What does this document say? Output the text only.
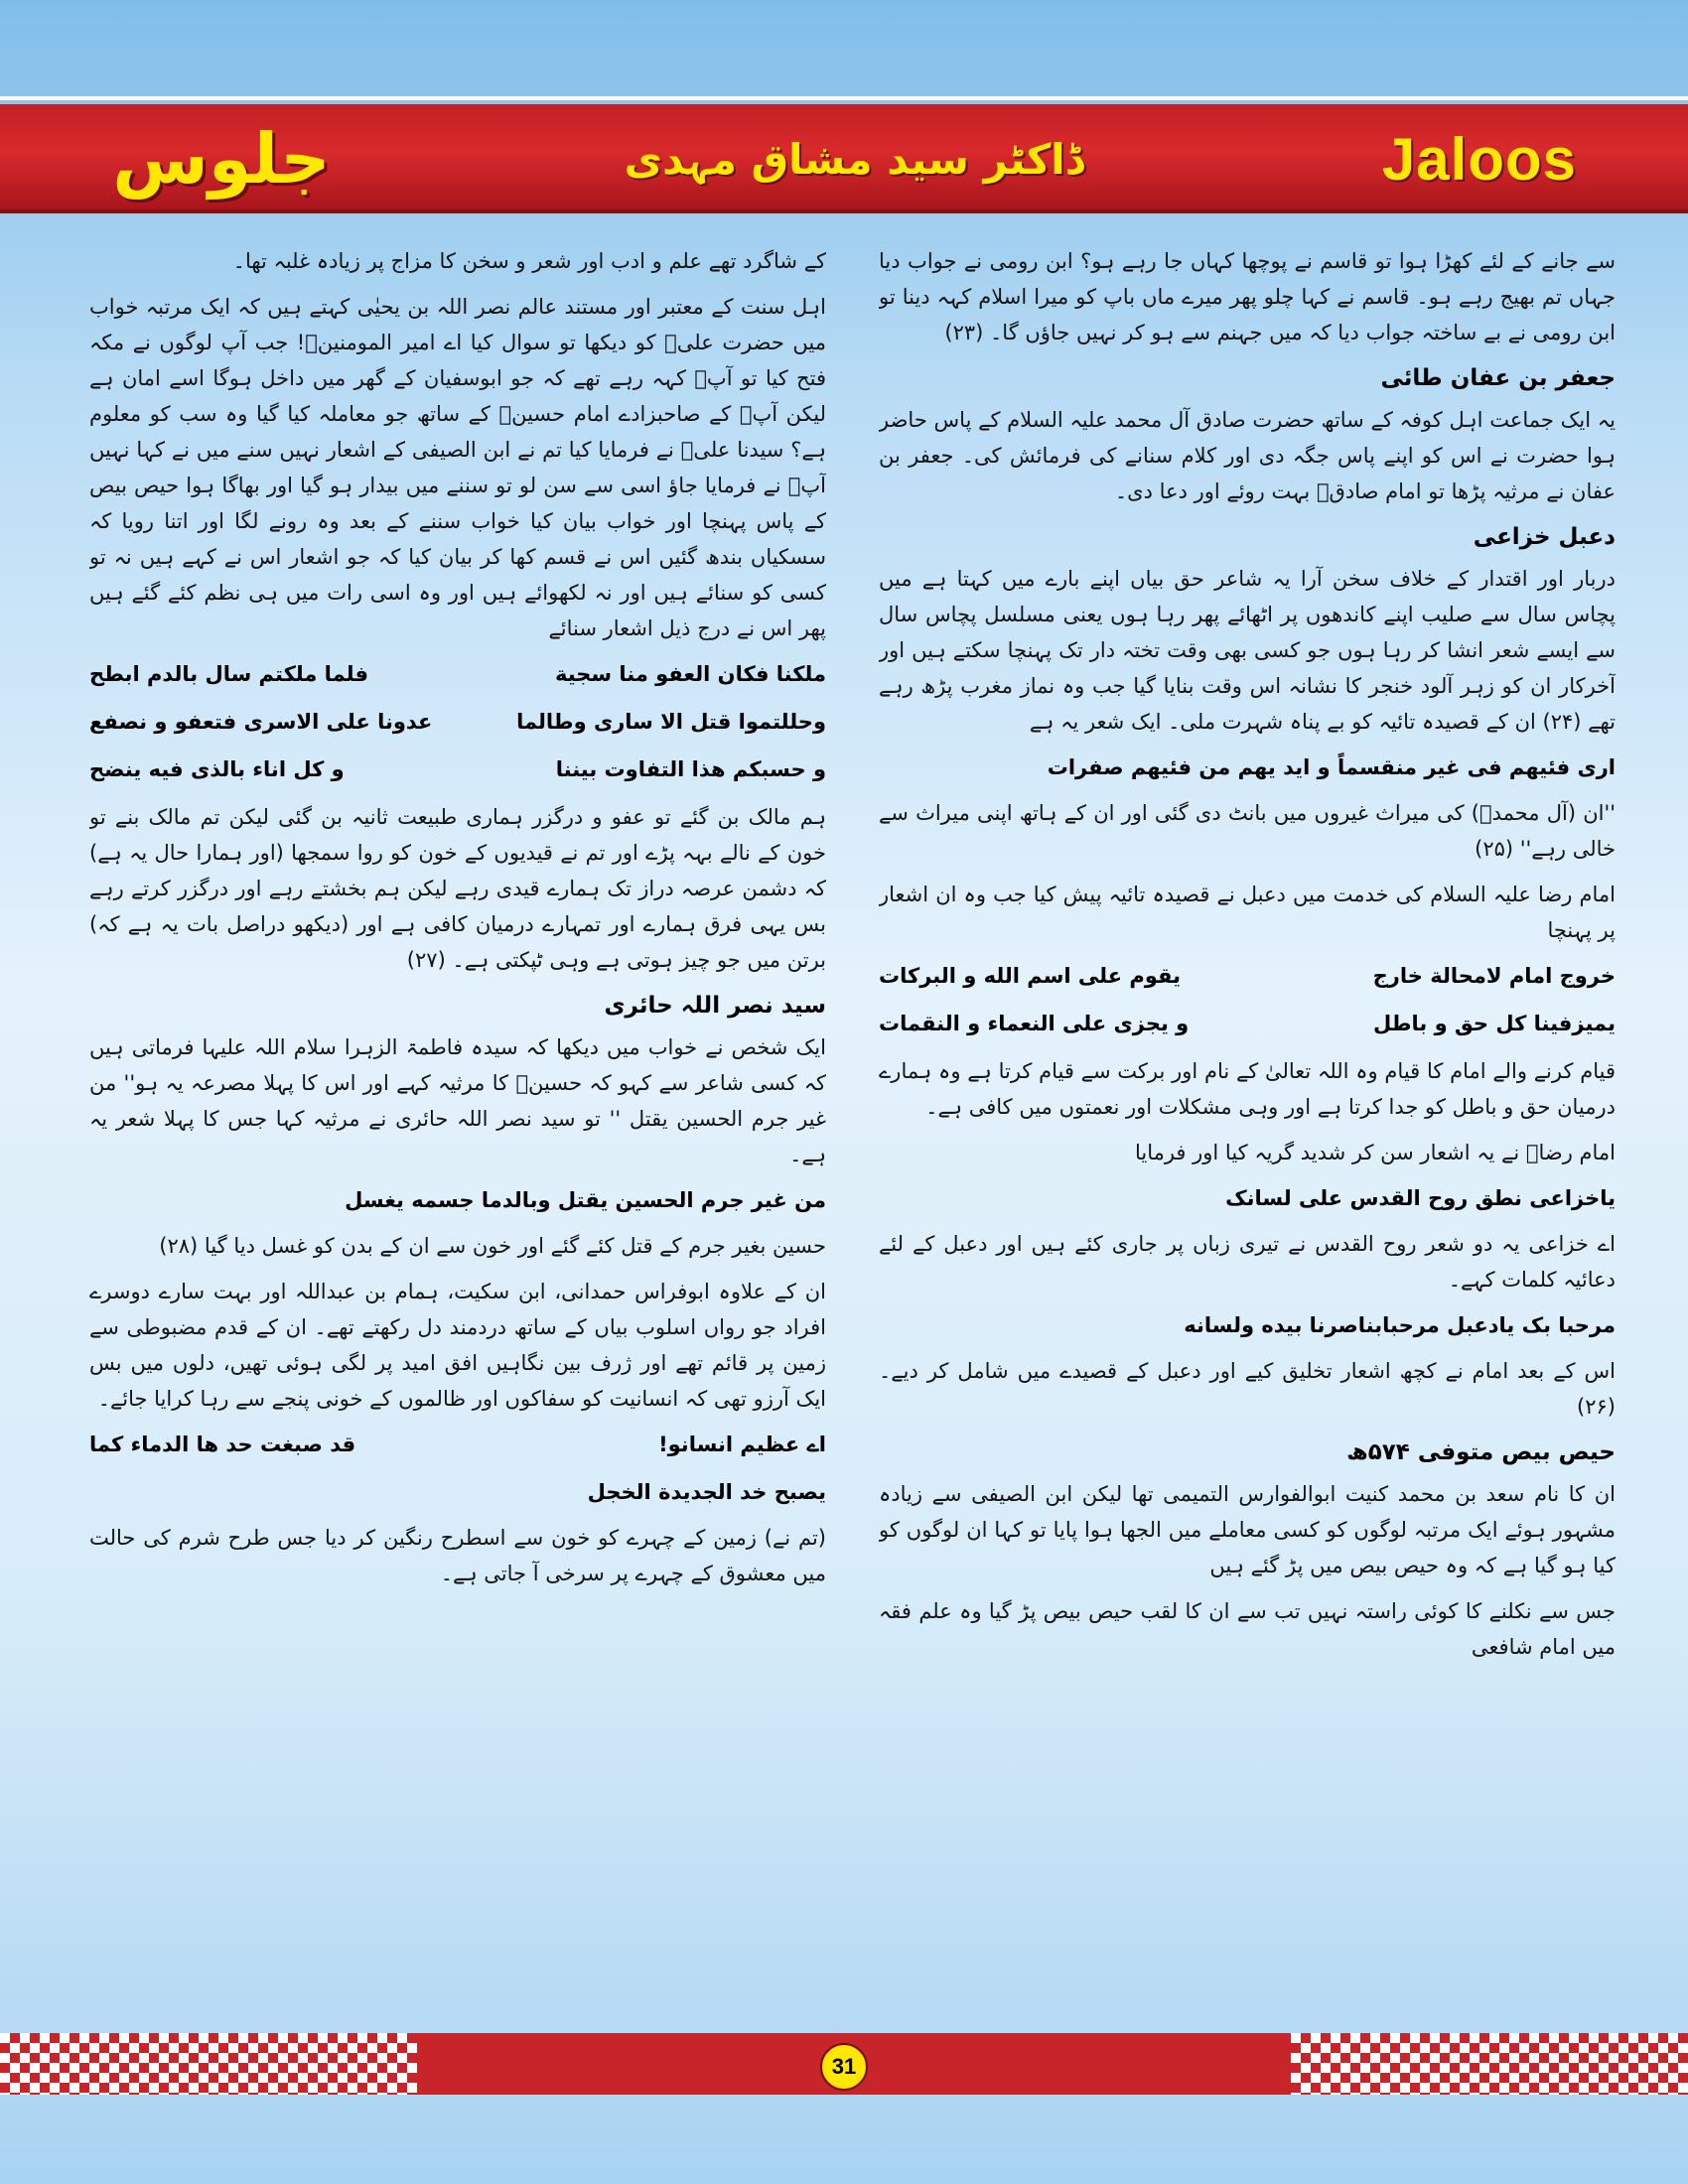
جلوس	ڈاکٹر سید مشاق مہدی	Jaloos

سے جانے کے لئے کھڑا ہوا تو قاسم نے پوچھا کہاں جا رہے ہو؟ ابن رومی نے جواب دیا جہاں تم بھیج رہے ہو۔ قاسم نے کہا چلو پھر میرے ماں باپ کو میرا اسلام کہہ دینا تو ابن رومی نے بے ساختہ جواب دیا کہ میں جہنم سے ہو کر نہیں جاؤں گا۔ (۲۳)

جعفر بن عفان طائی

یہ ایک جماعت اہل کوفہ کے ساتھ حضرت صادق آل محمد علیہ السلام کے پاس حاضر ہوا حضرت نے اس کو اپنے پاس جگہ دی اور کلام سنانے کی فرمائش کی۔ جعفر بن عفان نے مرثیہ پڑھا تو امام صادقؑ بہت روئے اور دعا دی۔

دعبل خزاعی

دربار اور اقتدار کے خلاف سخن آرا یہ شاعر حق بیاں اپنے بارے میں کہتا ہے میں پچاس سال سے صلیب اپنے کاندھوں پر اٹھائے پھر رہا ہوں یعنی مسلسل پچاس سال سے ایسے شعر انشا کر رہا ہوں جو کسی بھی وقت تختہ دار تک پہنچا سکتے ہیں اور آخرکار ان کو زہر آلود خنجر کا نشانہ اس وقت بنایا گیا جب وہ نماز مغرب پڑھ رہے تھے (۲۴) ان کے قصیدہ تائیہ کو بے پناہ شہرت ملی۔ ایک شعر یہ ہے

اری فئیھم فی غیر منقسماً و اید یھم من فئیھم صفرات

''ان (آل محمدؐ) کی میراث غیروں میں بانٹ دی گئی اور ان کے ہاتھ اپنی میراث سے خالی رہے'' (۲۵)

امام رضا علیہ السلام کی خدمت میں دعبل نے قصیدہ تائیہ پیش کیا جب وہ ان اشعار پر پہنچا

خروج امام لامحالة خارج
یقوم علی اسم الله و البرکات
یمیزفینا کل حق و باطل
و یجزی علی النعماء و النقمات

قیام کرنے والے امام کا قیام وہ اللہ تعالیٰ کے نام اور برکت سے قیام کرتا ہے وہ ہمارے درمیان حق و باطل کو جدا کرتا ہے اور وہی مشکلات اور نعمتوں میں کافی ہے۔

امام رضاؑ نے یہ اشعار سن کر شدید گریہ کیا اور فرمایا

یاخزاعی نطق روح القدس علی لسانک

اے خزاعی یہ دو شعر روح القدس نے تیری زباں پر جاری کئے ہیں اور دعبل کے لئے دعائیہ کلمات کہے۔

مرحبا بک یادعبل مرحبابناصرنا بیده ولسانه

اس کے بعد امام نے کچھ اشعار تخلیق کیے اور دعبل کے قصیدے میں شامل کر دیے۔ (۲۶)

حیص بیص متوفی ۵۷۴ھ

ان کا نام سعد بن محمد کنیت ابوالفوارس التمیمی تھا لیکن ابن الصیفی سے زیادہ مشہور ہوئے ایک مرتبہ لوگوں کو کسی معاملے میں الجھا ہوا پایا تو کہا ان لوگوں کو کیا ہو گیا ہے کہ وہ حیص بیص میں پڑ گئے ہیں

جس سے نکلنے کا کوئی راستہ نہیں تب سے ان کا لقب حیص بیص پڑ گیا وہ علم فقہ میں امام شافعی

کے شاگرد تھے علم و ادب اور شعر و سخن کا مزاج پر زیادہ غلبہ تھا۔

اہل سنت کے معتبر اور مستند عالم نصر اللہ بن یحیٰی کہتے ہیں کہ ایک مرتبہ خواب میں حضرت علیؑ کو دیکھا تو سوال کیا اے امیر المومنینؑ! جب آپ لوگوں نے مکہ فتح کیا تو آپؑ کہہ رہے تھے کہ جو ابوسفیان کے گھر میں داخل ہوگا اسے امان ہے لیکن آپؑ کے صاحبزادے امام حسینؑ کے ساتھ جو معاملہ کیا گیا وہ سب کو معلوم ہے؟ سیدنا علیؑ نے فرمایا کیا تم نے ابن الصیفی کے اشعار نہیں سنے میں نے کہا نہیں آپؑ نے فرمایا جاؤ اسی سے سن لو تو سننے میں بیدار ہو گیا اور بھاگا ہوا حیص بیص کے پاس پہنچا اور خواب بیان کیا خواب سننے کے بعد وہ رونے لگا اور اتنا رویا کہ سسکیاں بندھ گئیں اس نے قسم کھا کر بیان کیا کہ جو اشعار اس نے کہے ہیں نہ تو کسی کو سنائے ہیں اور نہ لکھوائے ہیں اور وہ اسی رات میں ہی نظم کئے گئے ہیں پھر اس نے درج ذیل اشعار سنائے

ملکنا فکان العفو منا سجیة
فلما ملکتم سال بالدم ابطح
وحللتموا قتل الا ساری وطالما
عدونا علی الاسری فتعفو و نصفع
و حسبکم هذا التفاوت بیننا
و کل اناء بالذی فیه ینضح

ہم مالک بن گئے تو عفو و درگزر ہماری طبیعت ثانیہ بن گئی لیکن تم مالک بنے تو خون کے نالے بہہ پڑے اور تم نے قیدیوں کے خون کو روا سمجھا (اور ہمارا حال یہ ہے) کہ دشمن عرصہ دراز تک ہمارے قیدی رہے لیکن ہم بخشتے رہے اور درگزر کرتے رہے بس یہی فرق ہمارے اور تمہارے درمیان کافی ہے اور (دیکھو دراصل بات یہ ہے کہ) برتن میں جو چیز ہوتی ہے وہی ٹپکتی ہے۔ (۲۷)

سید نصر اللہ حائری

ایک شخص نے خواب میں دیکھا کہ سیدہ فاطمۃ الزہرا سلام اللہ علیہا فرماتی ہیں کہ کسی شاعر سے کہو کہ حسینؑ کا مرثیہ کہے اور اس کا پہلا مصرعہ یہ ہو'' من غیر جرم الحسین یقتل '' تو سید نصر اللہ حائری نے مرثیہ کہا جس کا پہلا شعر یہ ہے۔

من غیر جرم الحسین یقتل وبالدما جسمه یغسل

حسین بغیر جرم کے قتل کئے گئے اور خون سے ان کے بدن کو غسل دیا گیا (۲۸)

ان کے علاوہ ابوفراس حمدانی، ابن سکیت، ہمام بن عبداللہ اور بہت سارے دوسرے افراد جو رواں اسلوب بیاں کے ساتھ دردمند دل رکھتے تھے۔ ان کے قدم مضبوطی سے زمین پر قائم تھے اور ژرف بین نگاہیں افق امید پر لگی ہوئی تھیں، دلوں میں بس ایک آرزو تھی کہ انسانیت کو سفاکوں اور ظالموں کے خونی پنجے سے رہا کرایا جائے۔

اے عظیم انسانو!
قد صبغت حد ھا الدماء کما
یصبح خد الجدیدة الخجل

(تم نے) زمین کے چہرے کو خون سے اسطرح رنگین کر دیا جس طرح شرم کی حالت میں معشوق کے چہرے پر سرخی آ جاتی ہے۔

31
